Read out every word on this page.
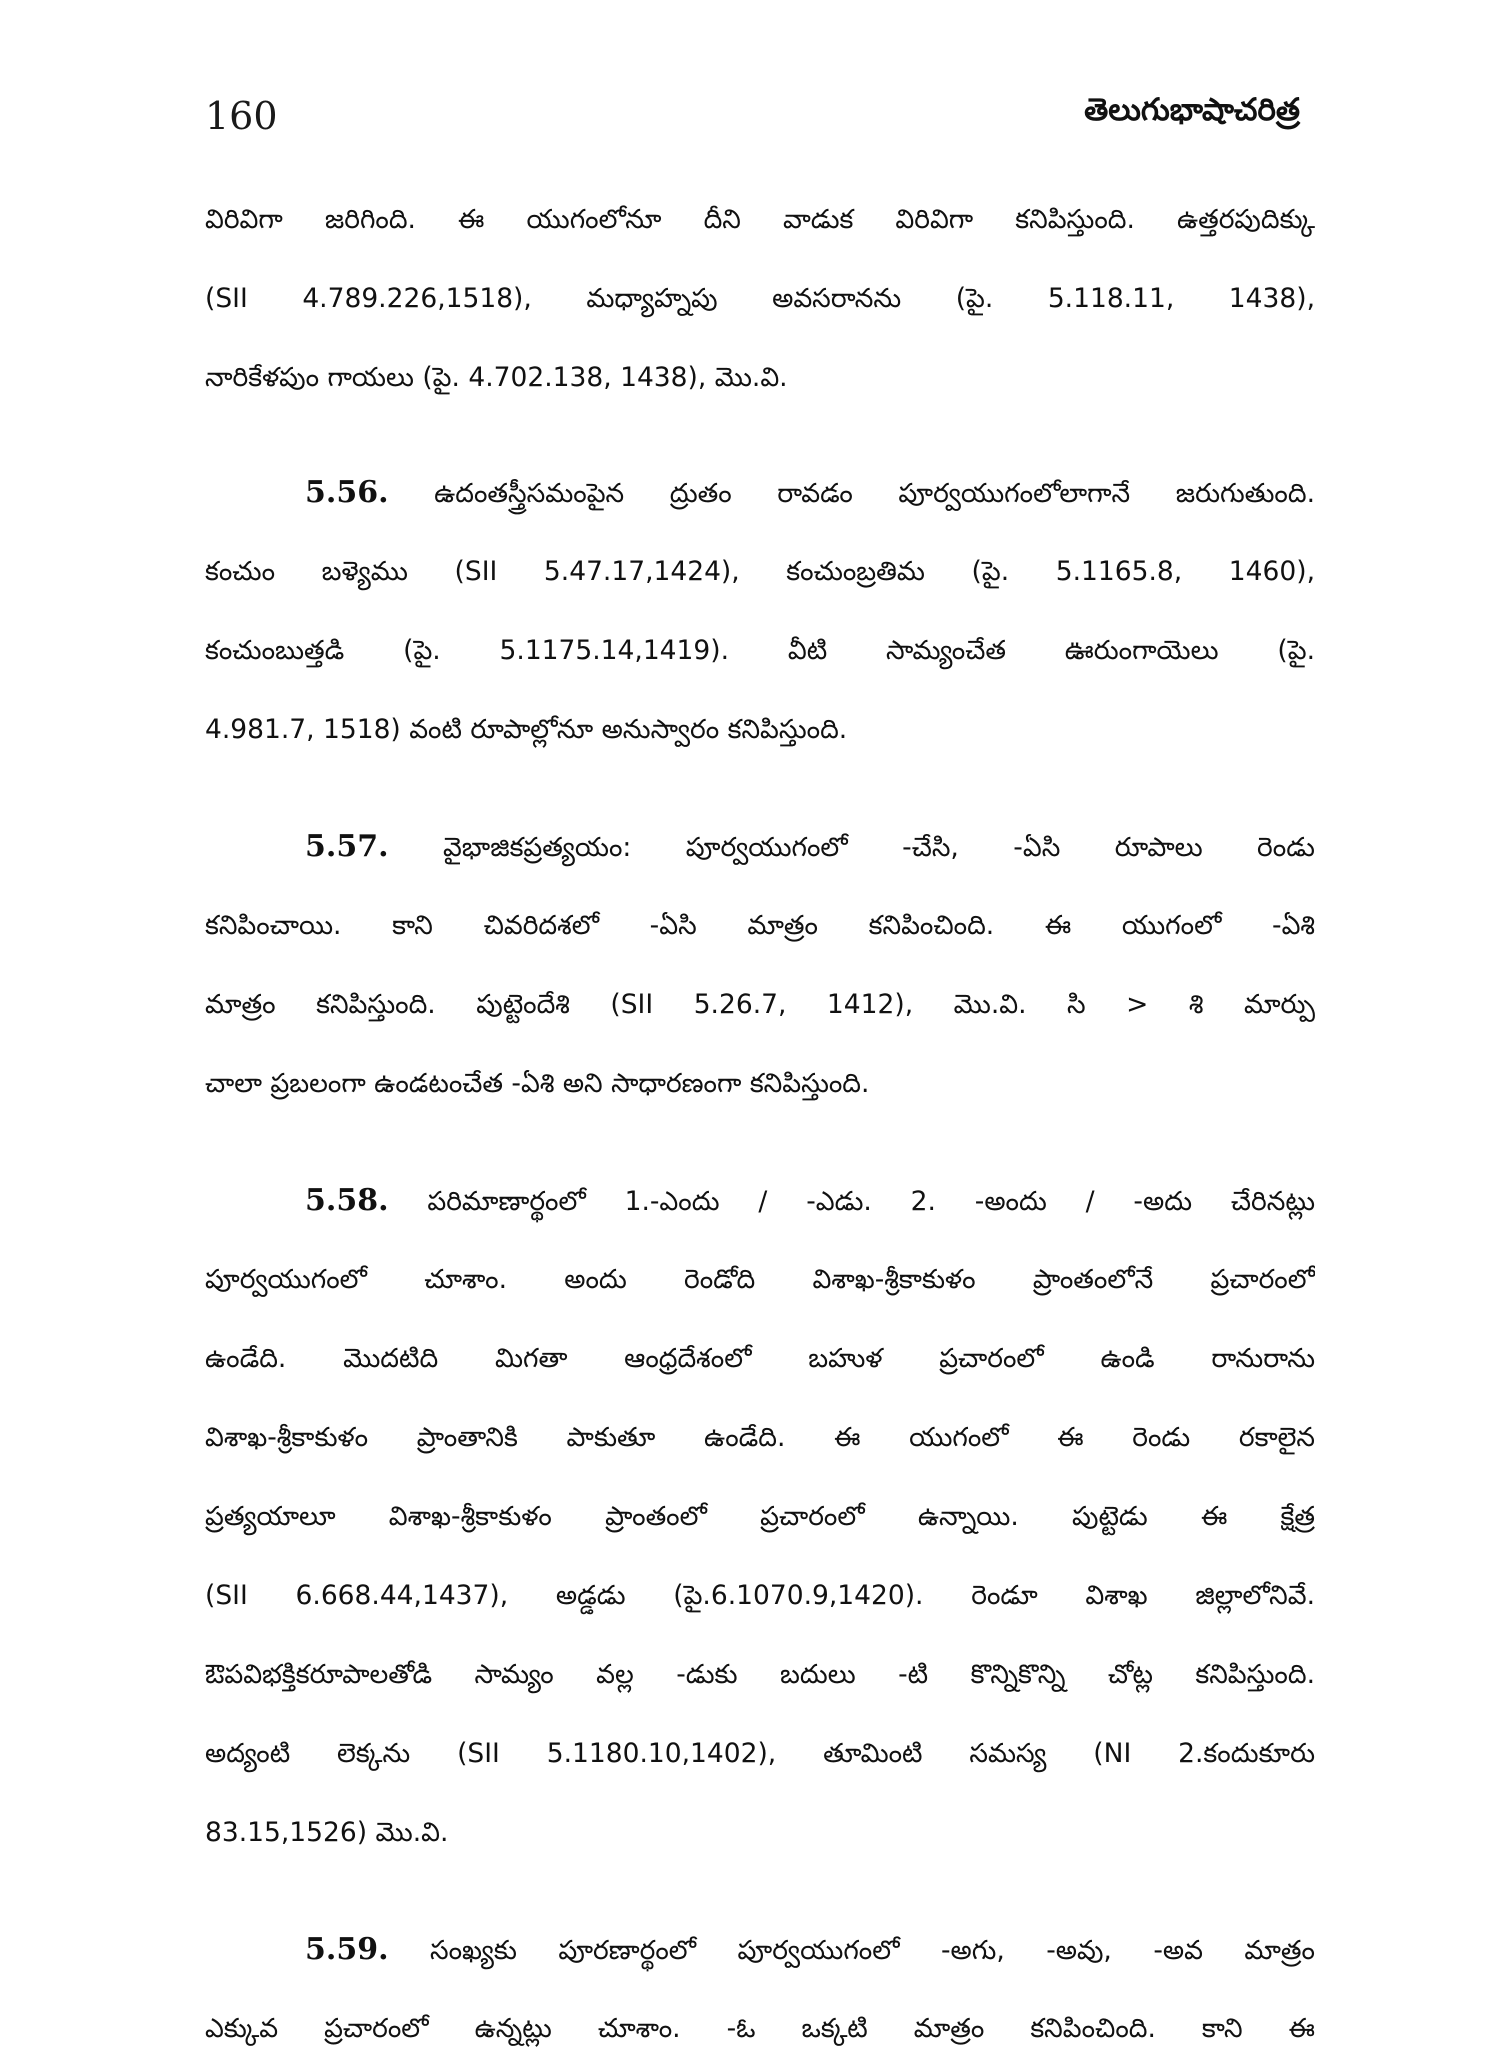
160	తెలుగుభాషాచరిత్ర
విరివిగా జరిగింది. ఈ యుగంలోనూ దీని వాడుక విరివిగా కనిపిస్తుంది. ఉత్తరపుదిక్కు
(SII 4.789.226,1518), మధ్యాహ్నపు అవసరానను (పై. 5.118.11, 1438),
నారికేళపుం గాయలు (పై. 4.702.138, 1438), మొ.వి.
5.56. ఉదంతస్త్రీసమంపైన ద్రుతం రావడం పూర్వయుగంలోలాగానే జరుగుతుంది.
కంచుం బళ్యెము (SII 5.47.17,1424), కంచుంబ్రతిమ (పై. 5.1165.8, 1460),
కంచుంబుత్తడి (పై. 5.1175.14,1419). వీటి సామ్యంచేత ఊరుంగాయెలు (పై.
4.981.7, 1518) వంటి రూపాల్లోనూ అనుస్వారం కనిపిస్తుంది.
5.57. వైభాజికప్రత్యయం: పూర్వయుగంలో -చేసి, -ఏసి రూపాలు రెండు
కనిపించాయి. కాని చివరిదశలో -ఏసి మాత్రం కనిపించింది. ఈ యుగంలో -ఏశి
మాత్రం కనిపిస్తుంది. పుట్టెందేశి (SII 5.26.7, 1412), మొ.వి. సి > శి మార్పు
చాలా ప్రబలంగా ఉండటంచేత -ఏశి అని సాధారణంగా కనిపిస్తుంది.
5.58. పరిమాణార్థంలో 1.-ఎందు / -ఎడు. 2. -అందు / -అదు చేరినట్లు
పూర్వయుగంలో చూశాం. అందు రెండోది విశాఖ-శ్రీకాకుళం ప్రాంతంలోనే ప్రచారంలో
ఉండేది. మొదటిది మిగతా ఆంధ్రదేశంలో బహుళ ప్రచారంలో ఉండి రానురాను
విశాఖ-శ్రీకాకుళం ప్రాంతానికి పాకుతూ ఉండేది. ఈ యుగంలో ఈ రెండు రకాలైన
ప్రత్యయాలూ విశాఖ-శ్రీకాకుళం ప్రాంతంలో ప్రచారంలో ఉన్నాయి. పుట్టెడు ఈ క్షేత్ర
(SII 6.668.44,1437), అడ్డడు (పై.6.1070.9,1420). రెండూ విశాఖ జిల్లాలోనివే.
ఔపవిభక్తికరూపాలతోడి సామ్యం వల్ల -డుకు బదులు -టి కొన్నికొన్ని చోట్ల కనిపిస్తుంది.
అద్యంటి లెక్కను (SII 5.1180.10,1402), తూమింటి సమస్య (NI 2.కందుకూరు
83.15,1526) మొ.వి.
5.59. సంఖ్యకు పూరణార్థంలో పూర్వయుగంలో -అగు, -అవు, -అవ మాత్రం
ఎక్కువ ప్రచారంలో ఉన్నట్లు చూశాం. -ఓ ఒక్కటి మాత్రం కనిపించింది. కాని ఈ
